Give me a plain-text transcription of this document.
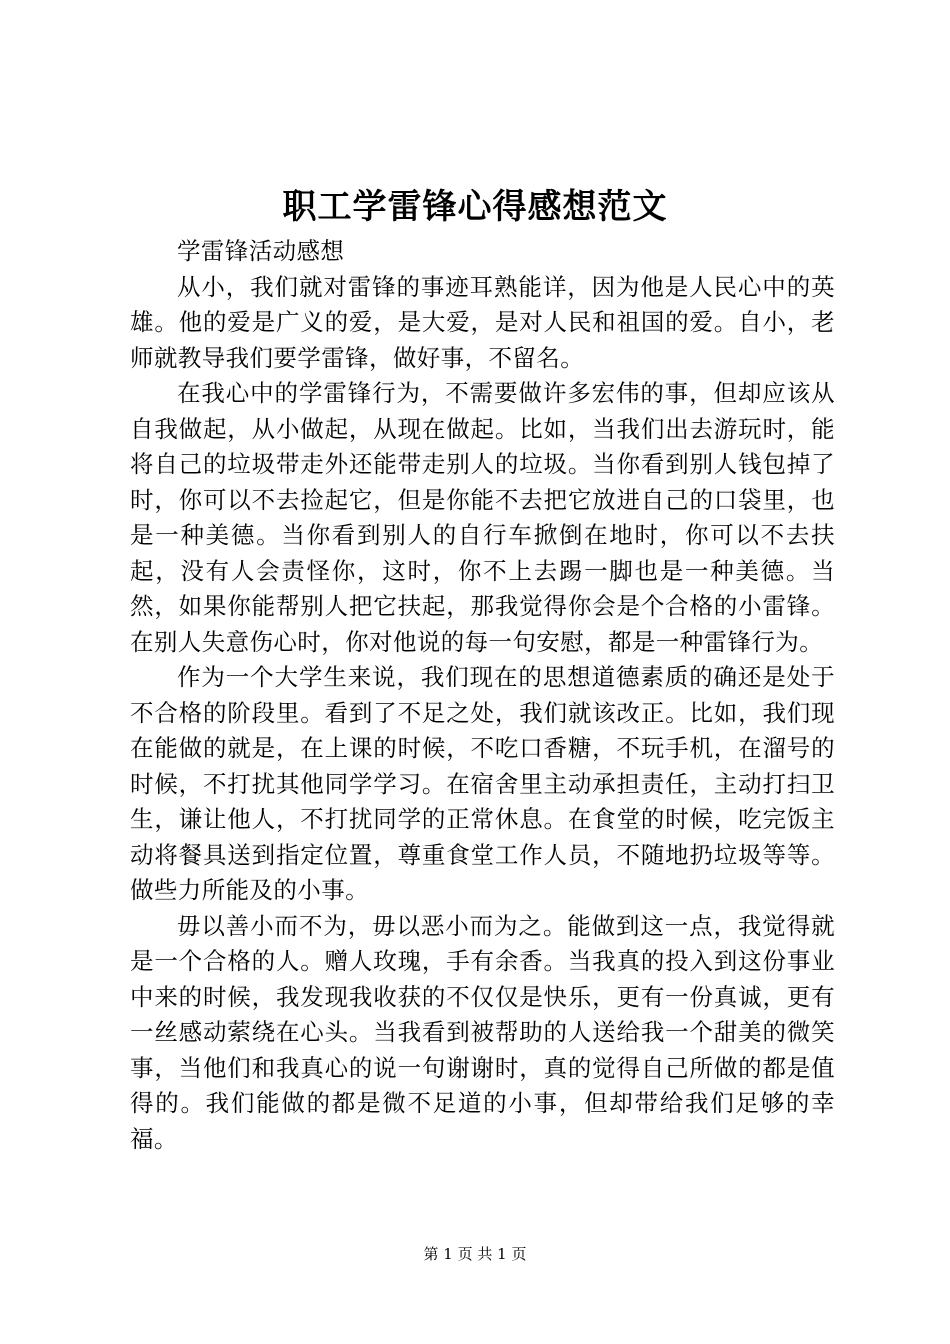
职工学雷锋心得感想范文

学雷锋活动感想

从小，我们就对雷锋的事迹耳熟能详，因为他是人民心中的英雄。他的爱是广义的爱，是大爱，是对人民和祖国的爱。自小，老师就教导我们要学雷锋，做好事，不留名。

在我心中的学雷锋行为，不需要做许多宏伟的事，但却应该从自我做起，从小做起，从现在做起。比如，当我们出去游玩时，能将自己的垃圾带走外还能带走别人的垃圾。当你看到别人钱包掉了时，你可以不去捡起它，但是你能不去把它放进自己的口袋里，也是一种美德。当你看到别人的自行车掀倒在地时，你可以不去扶起，没有人会责怪你，这时，你不上去踢一脚也是一种美德。当然，如果你能帮别人把它扶起，那我觉得你会是个合格的小雷锋。在别人失意伤心时，你对他说的每一句安慰，都是一种雷锋行为。

作为一个大学生来说，我们现在的思想道德素质的确还是处于不合格的阶段里。看到了不足之处，我们就该改正。比如，我们现在能做的就是，在上课的时候，不吃口香糖，不玩手机，在溜号的时候，不打扰其他同学学习。在宿舍里主动承担责任，主动打扫卫生，谦让他人，不打扰同学的正常休息。在食堂的时候，吃完饭主动将餐具送到指定位置，尊重食堂工作人员，不随地扔垃圾等等。做些力所能及的小事。

毋以善小而不为，毋以恶小而为之。能做到这一点，我觉得就是一个合格的人。赠人玫瑰，手有余香。当我真的投入到这份事业中来的时候，我发现我收获的不仅仅是快乐，更有一份真诚，更有一丝感动萦绕在心头。当我看到被帮助的人送给我一个甜美的微笑事，当他们和我真心的说一句谢谢时，真的觉得自己所做的都是值得的。我们能做的都是微不足道的小事，但却带给我们足够的幸福。

第 1 页 共 1 页
